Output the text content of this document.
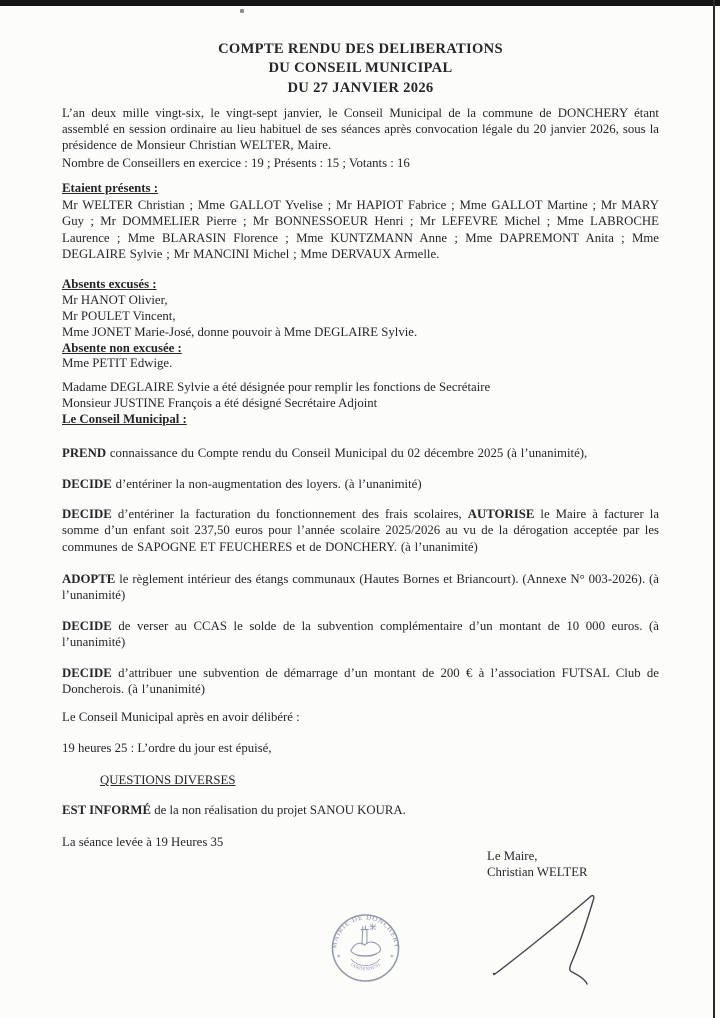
COMPTE RENDU DES DELIBERATIONS
DU CONSEIL MUNICIPAL
DU 27 JANVIER 2026
L’an deux mille vingt-six, le vingt-sept janvier, le Conseil Municipal de la commune de DONCHERY étant assemblé en session ordinaire au lieu habituel de ses séances après convocation légale du 20 janvier 2026, sous la présidence de Monsieur Christian WELTER, Maire.
Nombre de Conseillers en exercice : 19 ; Présents : 15 ; Votants : 16
Etaient présents :
Mr WELTER Christian ; Mme GALLOT Yvelise ; Mr HAPIOT Fabrice ; Mme GALLOT Martine ; Mr MARY Guy ; Mr DOMMELIER Pierre ; Mr BONNESSOEUR Henri ; Mr LEFEVRE Michel ; Mme LABROCHE Laurence ; Mme BLARASIN Florence ; Mme KUNTZMANN Anne ; Mme DAPREMONT Anita ; Mme DEGLAIRE Sylvie ; Mr MANCINI Michel ; Mme DERVAUX Armelle.
Absents excusés :
Mr HANOT Olivier,
Mr POULET Vincent,
Mme JONET Marie-José, donne pouvoir à Mme DEGLAIRE Sylvie.
Absente non excusée :
Mme PETIT Edwige.
Madame DEGLAIRE Sylvie a été désignée pour remplir les fonctions de Secrétaire
Monsieur JUSTINE François a été désigné Secrétaire Adjoint
Le Conseil Municipal :
PREND connaissance du Compte rendu du Conseil Municipal du 02 décembre 2025 (à l’unanimité),
DECIDE d’entériner la non-augmentation des loyers. (à l’unanimité)
DECIDE d’entériner la facturation du fonctionnement des frais scolaires, AUTORISE le Maire à facturer la somme d’un enfant soit 237,50 euros pour l’année scolaire 2025/2026 au vu de la dérogation acceptée par les communes de SAPOGNE ET FEUCHERES et de DONCHERY. (à l’unanimité)
ADOPTE le règlement intérieur des étangs communaux (Hautes Bornes et Briancourt). (Annexe N° 003-2026). (à l’unanimité)
DECIDE de verser au CCAS le solde de la subvention complémentaire d’un montant de 10 000 euros. (à l’unanimité)
DECIDE d’attribuer une subvention de démarrage d’un montant de 200 € à l’association FUTSAL Club de Doncherois. (à l’unanimité)
Le Conseil Municipal après en avoir délibéré :
19 heures 25 : L’ordre du jour est épuisé,
QUESTIONS DIVERSES
EST INFORMÉ de la non réalisation du projet SANOU KOURA.
La séance levée à 19 Heures 35
Le Maire,
Christian WELTER
MAIRIE DE DONCHERY
(ARDENNES)
✶	✶
